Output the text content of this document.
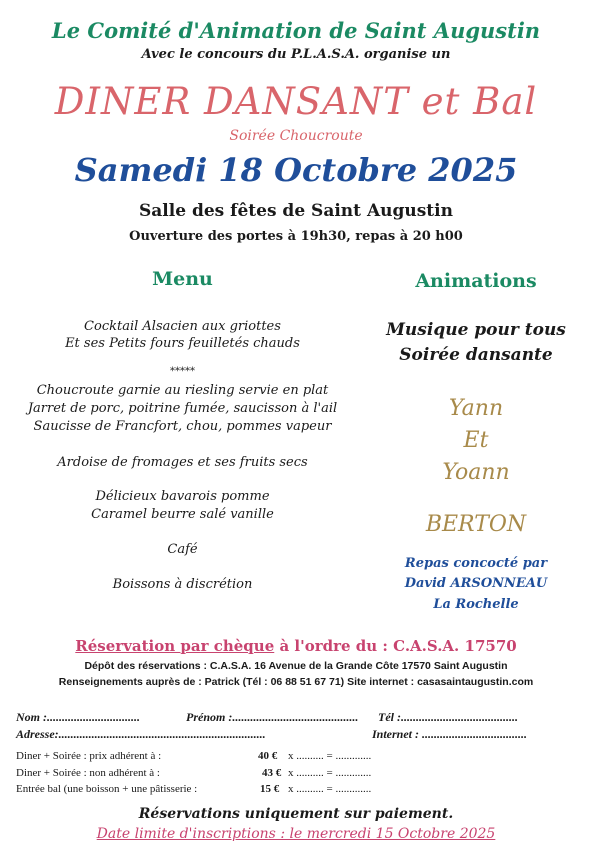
Le Comité d'Animation de Saint Augustin
Avec le concours du P.L.A.S.A. organise un
DINER DANSANT et Bal
Soirée Choucroute
Samedi 18 Octobre 2025
Salle des fêtes de Saint Augustin
Ouverture des portes à 19h30, repas à 20 h00
Menu
Cocktail Alsacien aux griottes
Et ses Petits fours feuilletés chauds
*****
Choucroute garnie au riesling servie en plat
Jarret de porc, poitrine fumée, saucisson à l'ail
Saucisse de Francfort, chou, pommes vapeur
Ardoise de fromages et ses fruits secs
Délicieux bavarois pomme
Caramel beurre salé vanille
Café
Boissons à discrétion
Animations
Musique pour tous
Soirée dansante
Yann
Et
Yoann
BERTON
Repas concocté par
David ARSONNEAU
La Rochelle
Réservation par chèque à l'ordre du : C.A.S.A. 17570
Dépôt des réservations : C.A.S.A. 16 Avenue de la Grande Côte 17570 Saint Augustin
Renseignements auprès de : Patrick (Tél : 06 88 51 67 71) Site internet : casasaintaugustin.com
Nom :...............................	Prénom :.......................................... Tél :.......................................
Adresse:.....................................................................	Internet : ...................................
Diner + Soirée : prix adhérent à :	40 € x .......... = .............
Diner + Soirée : non adhérent à :	43 € x .......... = .............
Entrée bal (une boisson + une pâtisserie :	15 € x .......... = .............
Réservations uniquement sur paiement.
Date limite d'inscriptions : le mercredi 15 Octobre 2025
